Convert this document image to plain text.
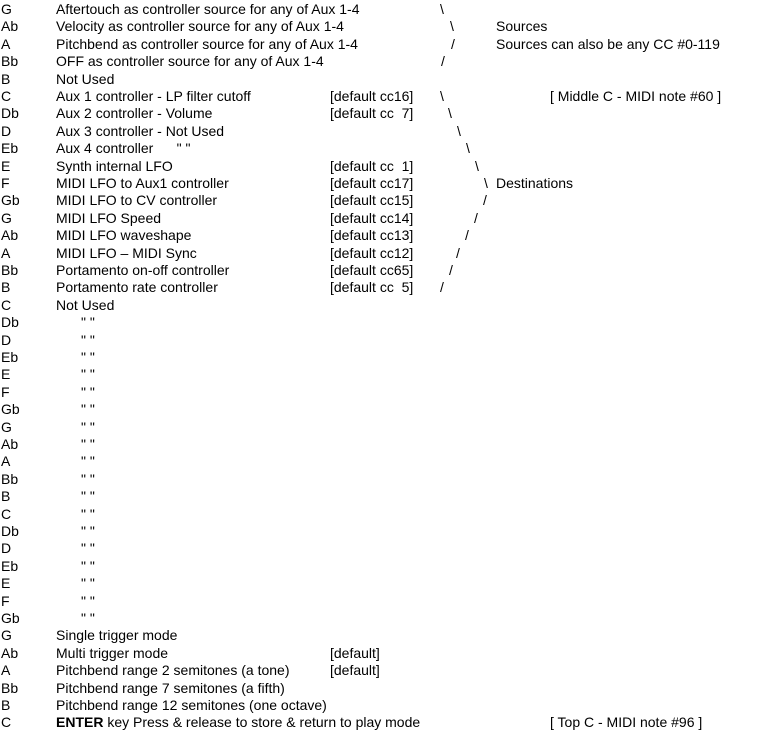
G	Aftertouch as controller source for any of Aux 1-4	\
Ab	Velocity as controller source for any of Aux 1-4	\	Sources
A	Pitchbend as controller source for any of Aux 1-4	/	Sources can also be any CC #0-119
Bb	OFF as controller source for any of Aux 1-4	/
B	Not Used
C	Aux 1 controller - LP filter cutoff	[default cc16] \	[ Middle C - MIDI note #60 ]
Db	Aux 2 controller - Volume	[default cc  7] \
D	Aux 3 controller - Not Used	\
Eb	Aux 4 controller      " "	\
E	Synth internal LFO	[default cc  1]	\
F	MIDI LFO to Aux1 controller	[default cc17]	\ Destinations
Gb	MIDI LFO to CV controller	[default cc15]	/
G	MIDI LFO Speed	[default cc14]	/
Ab	MIDI LFO waveshape	[default cc13]	/
A	MIDI LFO – MIDI Sync	[default cc12]	/
Bb	Portamento on-off controller	[default cc65]	/
B	Portamento rate controller	[default cc  5] /
C	Not Used
Db	" "
D	" "
Eb	" "
E	" "
F	" "
Gb	" "
G	" "
Ab	" "
A	" "
Bb	" "
B	" "
C	" "
Db	" "
D	" "
Eb	" "
E	" "
F	" "
Gb	" "
G	Single trigger mode
Ab	Multi trigger mode	[default]
A	Pitchbend range 2 semitones (a tone)	[default]
Bb	Pitchbend range 7 semitones (a fifth)
B	Pitchbend range 12 semitones (one octave)
C	ENTER key Press & release to store & return to play mode	[ Top C - MIDI note #96 ]
